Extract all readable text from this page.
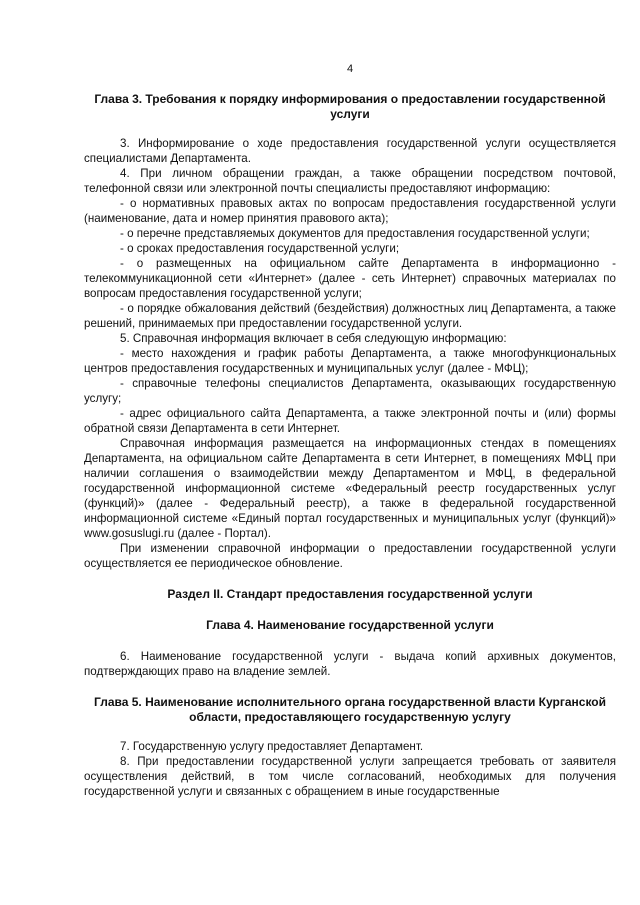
4
Глава 3. Требования к порядку информирования о предоставлении государственной услуги
3. Информирование о ходе предоставления государственной услуги осуществляется специалистами Департамента.
4. При личном обращении граждан, а также обращении посредством почтовой, телефонной связи или электронной почты специалисты предоставляют информацию:
- о нормативных правовых актах по вопросам предоставления государственной услуги (наименование, дата и номер принятия правового акта);
- о перечне представляемых документов для предоставления государственной услуги;
- о сроках предоставления государственной услуги;
- о размещенных на официальном сайте Департамента в информационно - телекоммуникационной сети «Интернет» (далее - сеть Интернет) справочных материалах по вопросам предоставления государственной услуги;
- о порядке обжалования действий (бездействия) должностных лиц Департамента, а также решений, принимаемых при предоставлении государственной услуги.
5. Справочная информация включает в себя следующую информацию:
- место нахождения и график работы Департамента, а также многофункциональных центров предоставления государственных и муниципальных услуг (далее - МФЦ);
- справочные телефоны специалистов Департамента, оказывающих государственную услугу;
- адрес официального сайта Департамента, а также электронной почты и (или) формы обратной связи Департамента в сети Интернет.
Справочная информация размещается на информационных стендах в помещениях Департамента, на официальном сайте Департамента в сети Интернет, в помещениях МФЦ при наличии соглашения о взаимодействии между Департаментом и МФЦ, в федеральной государственной информационной системе «Федеральный реестр государственных услуг (функций)» (далее - Федеральный реестр), а также в федеральной государственной информационной системе «Единый портал государственных и муниципальных услуг (функций)» www.gosuslugi.ru (далее - Портал).
При изменении справочной информации о предоставлении государственной услуги осуществляется ее периодическое обновление.
Раздел II. Стандарт предоставления государственной услуги
Глава 4. Наименование государственной услуги
6. Наименование государственной услуги - выдача копий архивных документов, подтверждающих право на владение землей.
Глава 5. Наименование исполнительного органа государственной власти Курганской области, предоставляющего государственную услугу
7. Государственную услугу предоставляет Департамент.
8. При предоставлении государственной услуги запрещается требовать от заявителя осуществления действий, в том числе согласований, необходимых для получения государственной услуги и связанных с обращением в иные государственные
